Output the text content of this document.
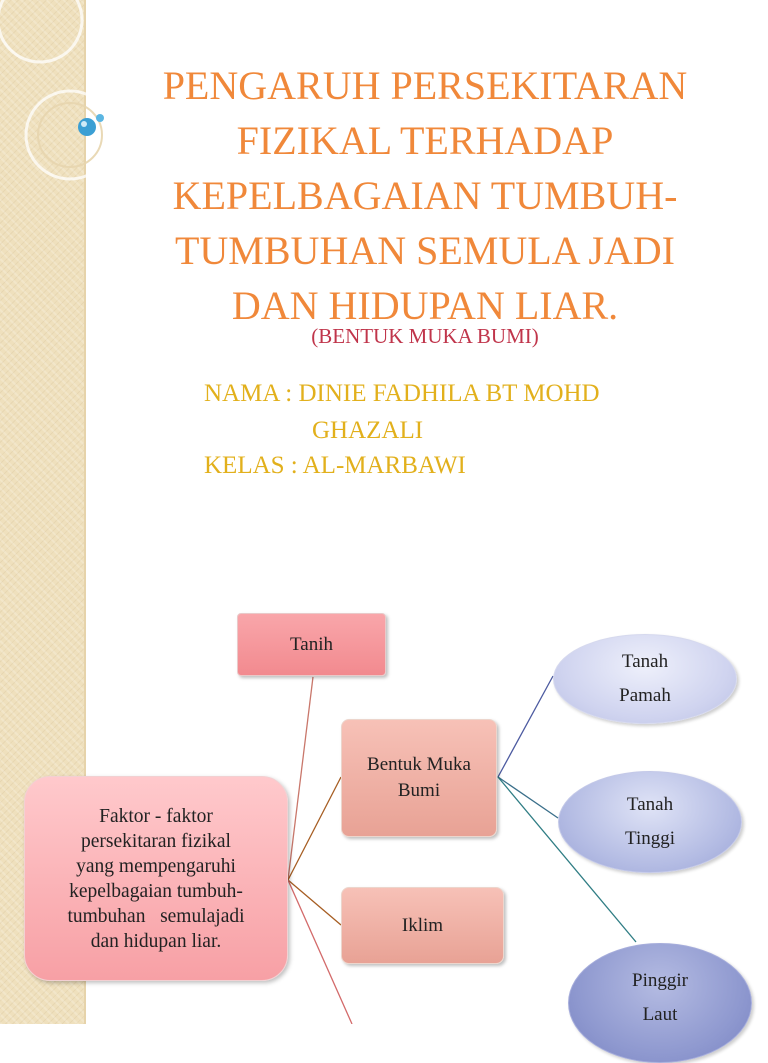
PENGARUH PERSEKITARAN
FIZIKAL TERHADAP
KEPELBAGAIAN TUMBUH-
TUMBUHAN SEMULA JADI
DAN HIDUPAN LIAR.

(BENTUK MUKA BUMI)

NAMA : DINIE FADHILA BT MOHD

GHAZALI

KELAS : AL-MARBAWI

Tanih
Bentuk Muka
Bumi
Iklim
Faktor - faktor
persekitaran fizikal
yang mempengaruhi
kepelbagaian tumbuh-
tumbuhan   semulajadi
dan hidupan liar.
Tanah
Pamah
Tanah
Tinggi
Pinggir
Laut
